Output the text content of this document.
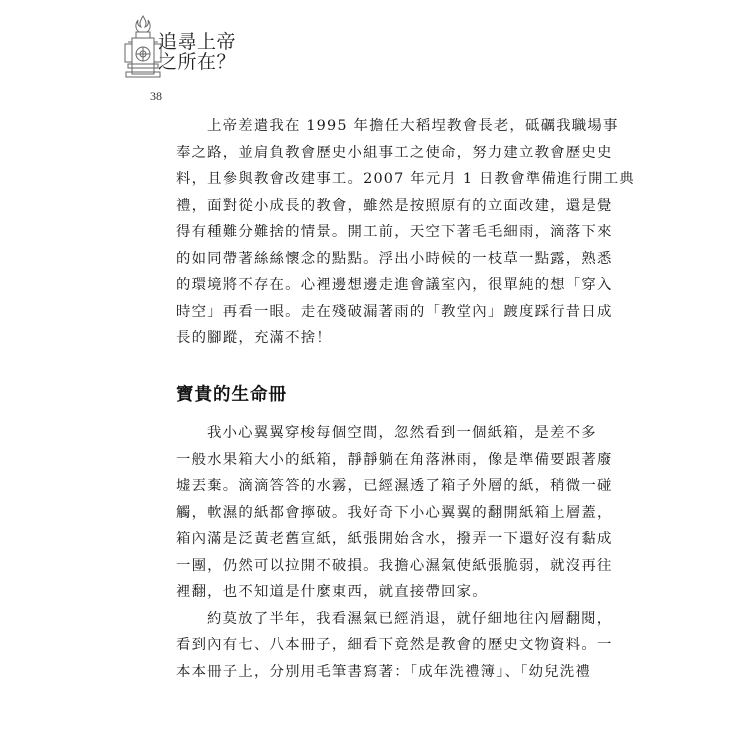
追尋上帝
之所在？
38
上帝差遣我在 1995 年擔任大稻埕教會長老，砥礪我職場事
奉之路，並肩負教會歷史小組事工之使命，努力建立教會歷史史
料，且參與教會改建事工。2007 年元月 1 日教會準備進行開工典
禮，面對從小成長的教會，雖然是按照原有的立面改建，還是覺
得有種難分難捨的情景。開工前，天空下著毛毛細雨，滴落下來
的如同帶著絲絲懷念的點點。浮出小時候的一枝草一點露，熟悉
的環境將不存在。心裡邊想邊走進會議室內，很單純的想「穿入
時空」再看一眼。走在殘破漏著雨的「教堂內」踱度踩行昔日成
長的腳蹤，充滿不捨！
寶貴的生命冊
我小心翼翼穿梭每個空間，忽然看到一個紙箱，是差不多
一般水果箱大小的紙箱，靜靜躺在角落淋雨，像是準備要跟著廢
墟丟棄。滴滴答答的水霧，已經濕透了箱子外層的紙，稍微一碰
觸，軟濕的紙都會擰破。我好奇下小心翼翼的翻開紙箱上層蓋，
箱內滿是泛黃老舊宣紙，紙張開始含水，撥弄一下還好沒有黏成
一團，仍然可以拉開不破損。我擔心濕氣使紙張脆弱，就沒再往
裡翻，也不知道是什麼東西，就直接帶回家。
約莫放了半年，我看濕氣已經消退，就仔細地往內層翻閱，
看到內有七、八本冊子，細看下竟然是教會的歷史文物資料。一
本本冊子上，分別用毛筆書寫著：「成年洗禮簿」、「幼兒洗禮
